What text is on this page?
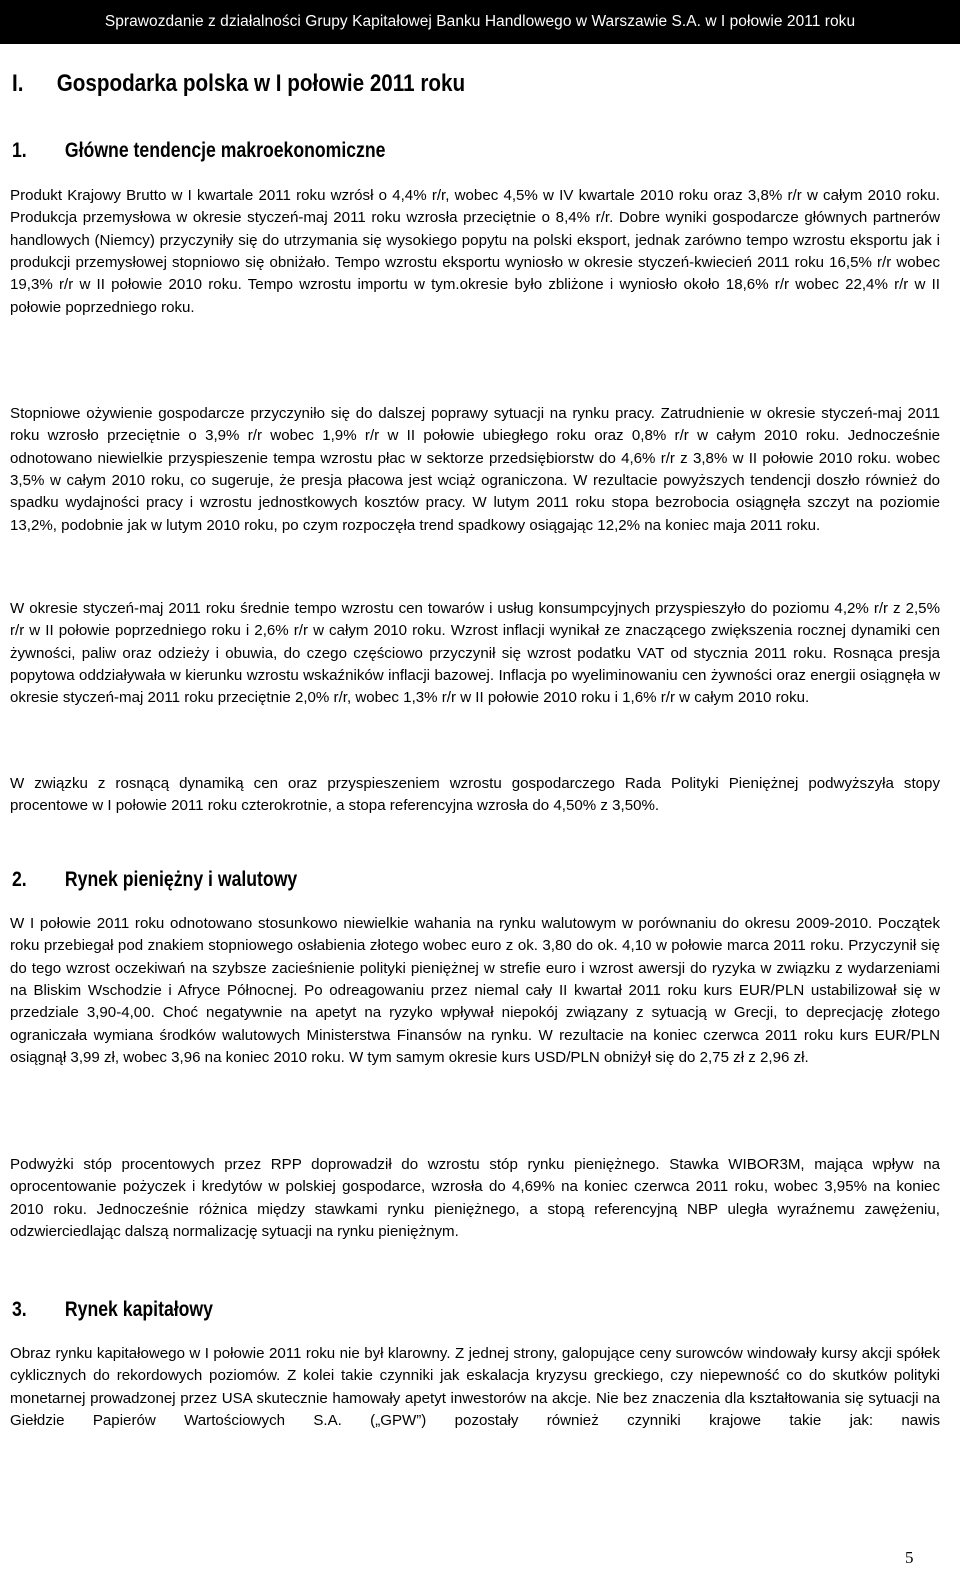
Sprawozdanie z działalności Grupy Kapitałowej Banku Handlowego w Warszawie S.A. w I połowie 2011 roku
I. Gospodarka polska w I połowie 2011 roku
1. Główne tendencje makroekonomiczne

Produkt Krajowy Brutto w I kwartale 2011 roku wzrósł o 4,4% r/r, wobec 4,5% w IV kwartale 2010 roku oraz 3,8% r/r w całym 2010 roku. Produkcja przemysłowa w okresie styczeń-maj 2011 roku wzrosła przeciętnie o 8,4% r/r. Dobre wyniki gospodarcze głównych partnerów handlowych (Niemcy) przyczyniły się do utrzymania się wysokiego popytu na polski eksport, jednak zarówno tempo wzrostu eksportu jak i produkcji przemysłowej stopniowo się obniżało. Tempo wzrostu eksportu wyniosło w okresie styczeń-kwiecień 2011 roku 16,5% r/r wobec 19,3% r/r w II połowie 2010 roku. Tempo wzrostu importu w tym.okresie było zbliżone i wyniosło około 18,6% r/r wobec 22,4% r/r w II połowie poprzedniego roku.

Stopniowe ożywienie gospodarcze przyczyniło się do dalszej poprawy sytuacji na rynku pracy. Zatrudnienie w okresie styczeń-maj 2011 roku wzrosło przeciętnie o 3,9% r/r wobec 1,9% r/r w II połowie ubiegłego roku oraz 0,8% r/r w całym 2010 roku. Jednocześnie odnotowano niewielkie przyspieszenie tempa wzrostu płac w sektorze przedsiębiorstw do 4,6% r/r z 3,8% w II połowie 2010 roku. wobec 3,5% w całym 2010 roku, co sugeruje, że presja płacowa jest wciąż ograniczona. W rezultacie powyższych tendencji doszło również do spadku wydajności pracy i wzrostu jednostkowych kosztów pracy. W lutym 2011 roku stopa bezrobocia osiągnęła szczyt na poziomie 13,2%, podobnie jak w lutym 2010 roku, po czym rozpoczęła trend spadkowy osiągając 12,2% na koniec maja 2011 roku.

W okresie styczeń-maj 2011 roku średnie tempo wzrostu cen towarów i usług konsumpcyjnych przyspieszyło do poziomu 4,2% r/r z 2,5% r/r w II połowie poprzedniego roku i 2,6% r/r w całym 2010 roku. Wzrost inflacji wynikał ze znaczącego zwiększenia rocznej dynamiki cen żywności, paliw oraz odzieży i obuwia, do czego częściowo przyczynił się wzrost podatku VAT od stycznia 2011 roku. Rosnąca presja popytowa oddziaływała w kierunku wzrostu wskaźników inflacji bazowej. Inflacja po wyeliminowaniu cen żywności oraz energii osiągnęła w okresie styczeń-maj 2011 roku przeciętnie 2,0% r/r, wobec 1,3% r/r w II połowie 2010 roku i 1,6% r/r w całym 2010 roku.

W związku z rosnącą dynamiką cen oraz przyspieszeniem wzrostu gospodarczego Rada Polityki Pieniężnej podwyższyła stopy procentowe w I połowie 2011 roku czterokrotnie, a stopa referencyjna wzrosła do 4,50% z 3,50%.

2. Rynek pieniężny i walutowy

W I połowie 2011 roku odnotowano stosunkowo niewielkie wahania na rynku walutowym w porównaniu do okresu 2009-2010. Początek roku przebiegał pod znakiem stopniowego osłabienia złotego wobec euro z ok. 3,80 do ok. 4,10 w połowie marca 2011 roku. Przyczynił się do tego wzrost oczekiwań na szybsze zacieśnienie polityki pieniężnej w strefie euro i wzrost awersji do ryzyka w związku z wydarzeniami na Bliskim Wschodzie i Afryce Północnej. Po odreagowaniu przez niemal cały II kwartał 2011 roku kurs EUR/PLN ustabilizował się w przedziale 3,90-4,00. Choć negatywnie na apetyt na ryzyko wpływał niepokój związany z sytuacją w Grecji, to deprecjację złotego ograniczała wymiana środków walutowych Ministerstwa Finansów na rynku. W rezultacie na koniec czerwca 2011 roku kurs EUR/PLN osiągnął 3,99 zł, wobec 3,96 na koniec 2010 roku. W tym samym okresie kurs USD/PLN obniżył się do 2,75 zł z 2,96 zł.

Podwyżki stóp procentowych przez RPP doprowadził do wzrostu stóp rynku pieniężnego. Stawka WIBOR3M, mająca wpływ na oprocentowanie pożyczek i kredytów w polskiej gospodarce, wzrosła do 4,69% na koniec czerwca 2011 roku, wobec 3,95% na koniec 2010 roku. Jednocześnie różnica między stawkami rynku pieniężnego, a stopą referencyjną NBP uległa wyraźnemu zawężeniu, odzwierciedlając dalszą normalizację sytuacji na rynku pieniężnym.

3. Rynek kapitałowy

Obraz rynku kapitałowego w I połowie 2011 roku nie był klarowny. Z jednej strony, galopujące ceny surowców windowały kursy akcji spółek cyklicznych do rekordowych poziomów. Z kolei takie czynniki jak eskalacja kryzysu greckiego, czy niepewność co do skutków polityki monetarnej prowadzonej przez USA skutecznie hamowały apetyt inwestorów na akcje. Nie bez znaczenia dla kształtowania się sytuacji na Giełdzie Papierów Wartościowych S.A. („GPW”) pozostały również czynniki krajowe takie jak: nawis

5
